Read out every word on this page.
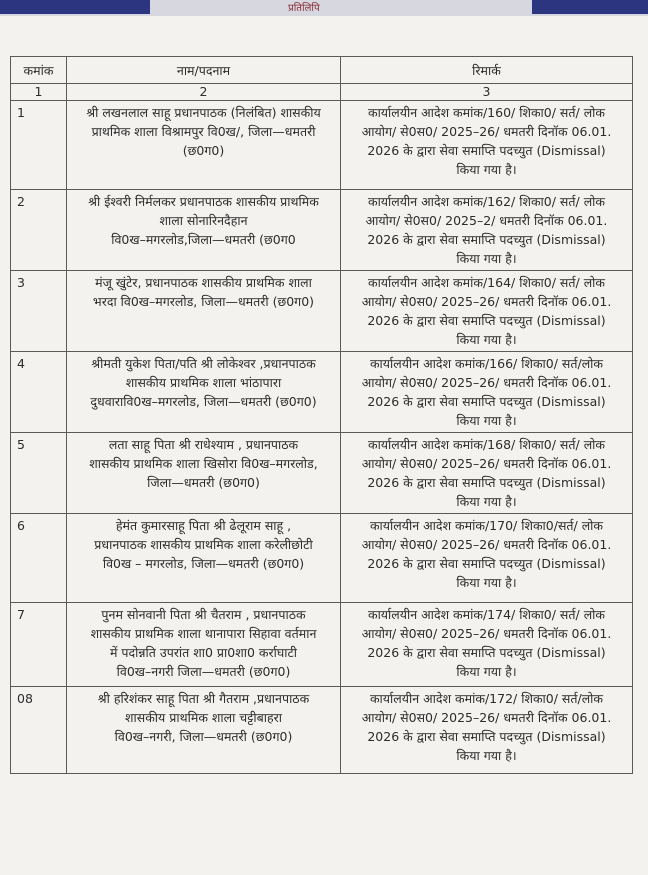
प्रतिलिपि
कमांक	नाम/पदनाम	रिमार्क
1	2	3
1	श्री लखनलाल साहू प्रधानपाठक (निलंबित) शासकीय
प्राथमिक शाला विश्रामपुर वि0ख/, जिला—धमतरी
(छ0ग0)	कार्यालयीन आदेश कमांक/160/ शिका0/ सर्त/ लोक
आयोग/ से0स0/ 2025–26/ धमतरी दिनॉक 06.01.
2026 के द्वारा सेवा समाप्ति पदच्युत (Dismissal)
किया गया है।

2	श्री ईश्वरी निर्मलकर प्रधानपाठक शासकीय प्राथमिक
शाला सोनारिनदैहान
वि0ख–मगरलोड,जिला—धमतरी (छ0ग0	कार्यालयीन आदेश कमांक/162/ शिका0/ सर्त/ लोक
आयोग/ से0स0/ 2025–2/ धमतरी दिनॉक 06.01.
2026 के द्वारा सेवा समाप्ति पदच्युत (Dismissal)
किया गया है।

3	मंजू खुंटेर, प्रधानपाठक शासकीय प्राथमिक शाला
भरदा वि0ख–मगरलोड, जिला—धमतरी (छ0ग0)	कार्यालयीन आदेश कमांक/164/ शिका0/ सर्त/ लोक
आयोग/ से0स0/ 2025–26/ धमतरी दिनॉक 06.01.
2026 के द्वारा सेवा समाप्ति पदच्युत (Dismissal)
किया गया है।

4	श्रीमती युकेश पिता/पति श्री लोकेश्वर ,प्रधानपाठक
शासकीय प्राथमिक शाला भांठापारा
दुधवारावि0ख–मगरलोड, जिला—धमतरी (छ0ग0)	कार्यालयीन आदेश कमांक/166/ शिका0/ सर्त/लोक
आयोग/ से0स0/ 2025–26/ धमतरी दिनॉक 06.01.
2026 के द्वारा सेवा समाप्ति पदच्युत (Dismissal)
किया गया है।

5	लता साहू पिता श्री राधेश्याम , प्रधानपाठक
शासकीय प्राथमिक शाला खिसोरा वि0ख–मगरलोड,
जिला—धमतरी (छ0ग0)	कार्यालयीन आदेश कमांक/168/ शिका0/ सर्त/ लोक
आयोग/ से0स0/ 2025–26/ धमतरी दिनॉक 06.01.
2026 के द्वारा सेवा समाप्ति पदच्युत (Dismissal)
किया गया है।

6	हेमंत कुमारसाहू पिता श्री ढेलूराम साहू ,
प्रधानपाठक शासकीय प्राथमिक शाला करेलीछोटी
वि0ख – मगरलोड, जिला—धमतरी (छ0ग0)	कार्यालयीन आदेश कमांक/170/ शिका0/सर्त/ लोक
आयोग/ से0स0/ 2025–26/ धमतरी दिनॉक 06.01.
2026 के द्वारा सेवा समाप्ति पदच्युत (Dismissal)
किया गया है।

7	पुनम सोनवानी पिता श्री चैतराम , प्रधानपाठक
शासकीय प्राथमिक शाला थानापारा सिहावा वर्तमान
में पदोन्नति उपरांत शा0 प्रा0शा0 कर्राघाटी
वि0ख–नगरी जिला—धमतरी (छ0ग0)	कार्यालयीन आदेश कमांक/174/ शिका0/ सर्त/ लोक
आयोग/ से0स0/ 2025–26/ धमतरी दिनॉक 06.01.
2026 के द्वारा सेवा समाप्ति पदच्युत (Dismissal)
किया गया है।

08	श्री हरिशंकर साहू पिता श्री गैतराम ,प्रधानपाठक
शासकीय प्राथमिक शाला चट्टीबाहरा
वि0ख–नगरी, जिला—धमतरी (छ0ग0)	कार्यालयीन आदेश कमांक/172/ शिका0/ सर्त/लोक
आयोग/ से0स0/ 2025–26/ धमतरी दिनॉक 06.01.
2026 के द्वारा सेवा समाप्ति पदच्युत (Dismissal)
किया गया है।
